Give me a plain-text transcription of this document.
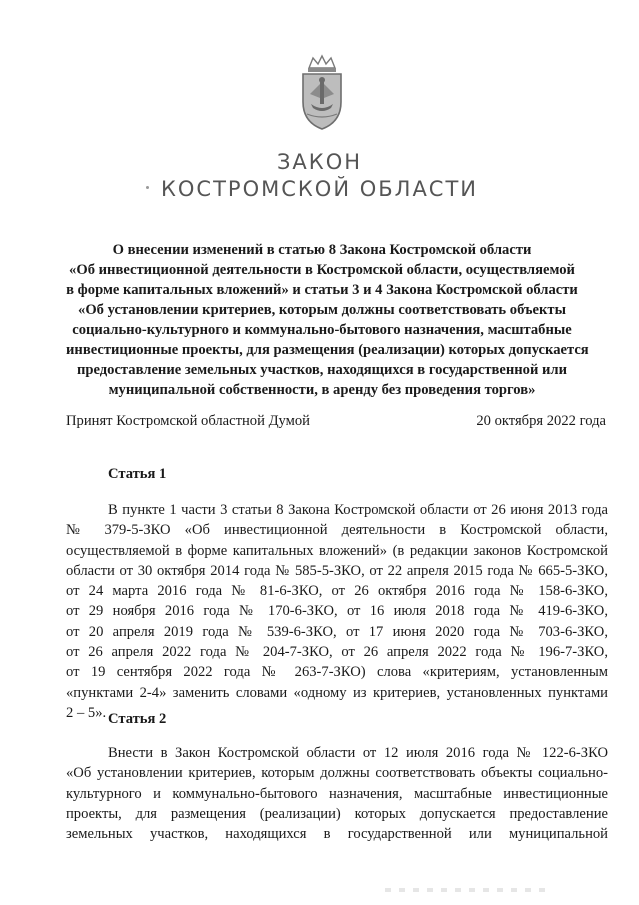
ЗАКОН
КОСТРОМСКОЙ ОБЛАСТИ
О внесении изменений в статью 8 Закона Костромской области
«Об инвестиционной деятельности в Костромской области, осуществляемой
в форме капитальных вложений» и статьи 3 и 4 Закона Костромской области
«Об установлении критериев, которым должны соответствовать объекты
социально-культурного и коммунально-бытового назначения, масштабные
инвестиционные проекты, для размещения (реализации) которых допускается
предоставление земельных участков, находящихся в государственной или
муниципальной собственности, в аренду без проведения торгов»
Принят Костромской областной Думой	20 октября 2022 года
Статья 1
В пункте 1 части 3 статьи 8 Закона Костромской области от 26 июня 2013 года
№ 379-5-ЗКО «Об инвестиционной деятельности в Костромской области,
осуществляемой в форме капитальных вложений» (в редакции законов Костромской
области от 30 октября 2014 года № 585-5-ЗКО, от 22 апреля 2015 года № 665-5-ЗКО,
от 24 марта 2016 года № 81-6-ЗКО, от 26 октября 2016 года № 158-6-ЗКО,
от 29 ноября 2016 года № 170-6-ЗКО, от 16 июля 2018 года № 419-6-ЗКО,
от 20 апреля 2019 года № 539-6-ЗКО, от 17 июня 2020 года № 703-6-ЗКО,
от 26 апреля 2022 года № 204-7-ЗКО, от 26 апреля 2022 года № 196-7-ЗКО,
от 19 сентября 2022 года № 263-7-ЗКО) слова «критериям, установленным
«пунктами 2-4» заменить словами «одному из критериев, установленных пунктами
2 – 5». Статья 2
Внести в Закон Костромской области от 12 июля 2016 года № 122-6-ЗКО
«Об установлении критериев, которым должны соответствовать объекты социально-
культурного и коммунально-бытового назначения, масштабные инвестиционные
проекты, для размещения (реализации) которых допускается предоставление
земельных участков, находящихся в государственной или муниципальной
